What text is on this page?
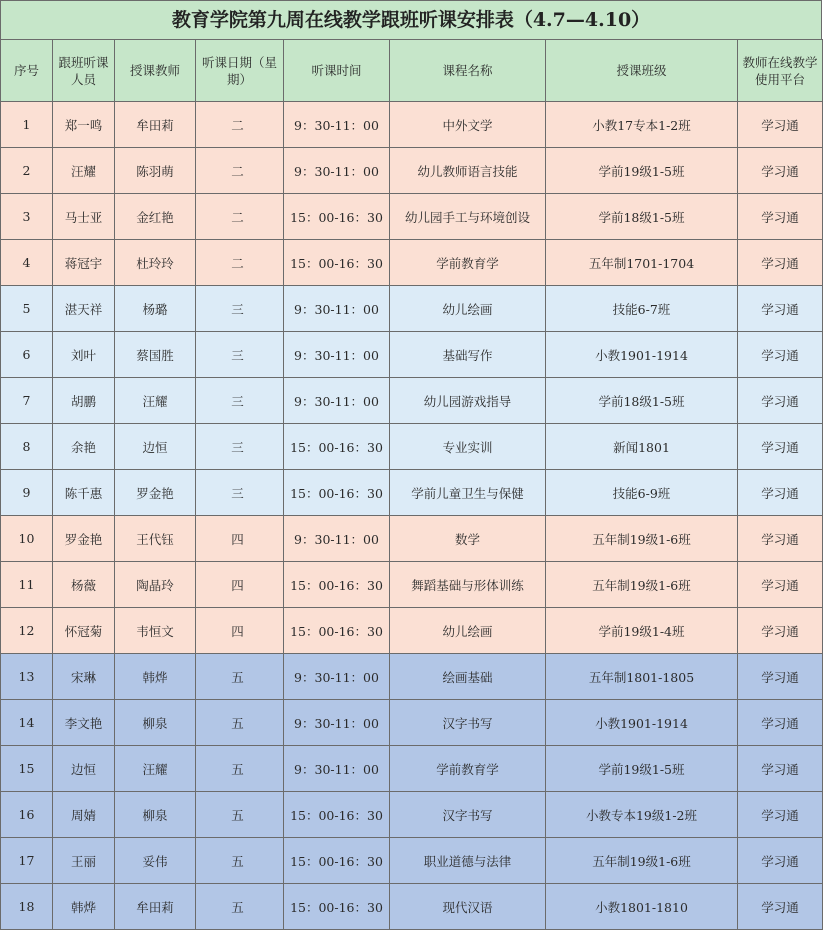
教育学院第九周在线教学跟班听课安排表（4.7—4.10）
序号	跟班听课人员	授课教师	听课日期（星期）	听课时间	课程名称	授课班级	教师在线教学使用平台
1	郑一鸣	牟田莉	二	9：30-11：00	中外文学	小教17专本1-2班	学习通
2	汪耀	陈羽萌	二	9：30-11：00	幼儿教师语言技能	学前19级1-5班	学习通
3	马士亚	金红艳	二	15：00-16：30	幼儿园手工与环境创设	学前18级1-5班	学习通
4	蒋冠宇	杜玲玲	二	15：00-16：30	学前教育学	五年制1701-1704	学习通
5	湛天祥	杨璐	三	9：30-11：00	幼儿绘画	技能6-7班	学习通
6	刘叶	蔡国胜	三	9：30-11：00	基础写作	小教1901-1914	学习通
7	胡鹏	汪耀	三	9：30-11：00	幼儿园游戏指导	学前18级1-5班	学习通
8	余艳	边恒	三	15：00-16：30	专业实训	新闻1801	学习通
9	陈千惠	罗金艳	三	15：00-16：30	学前儿童卫生与保健	技能6-9班	学习通
10	罗金艳	王代钰	四	9：30-11：00	数学	五年制19级1-6班	学习通
11	杨薇	陶晶玲	四	15：00-16：30	舞蹈基础与形体训练	五年制19级1-6班	学习通
12	怀冠菊	韦恒文	四	15：00-16：30	幼儿绘画	学前19级1-4班	学习通
13	宋琳	韩烨	五	9：30-11：00	绘画基础	五年制1801-1805	学习通
14	李文艳	柳泉	五	9：30-11：00	汉字书写	小教1901-1914	学习通
15	边恒	汪耀	五	9：30-11：00	学前教育学	学前19级1-5班	学习通
16	周婧	柳泉	五	15：00-16：30	汉字书写	小教专本19级1-2班	学习通
17	王丽	妥伟	五	15：00-16：30	职业道德与法律	五年制19级1-6班	学习通
18	韩烨	牟田莉	五	15：00-16：30	现代汉语	小教1801-1810	学习通
